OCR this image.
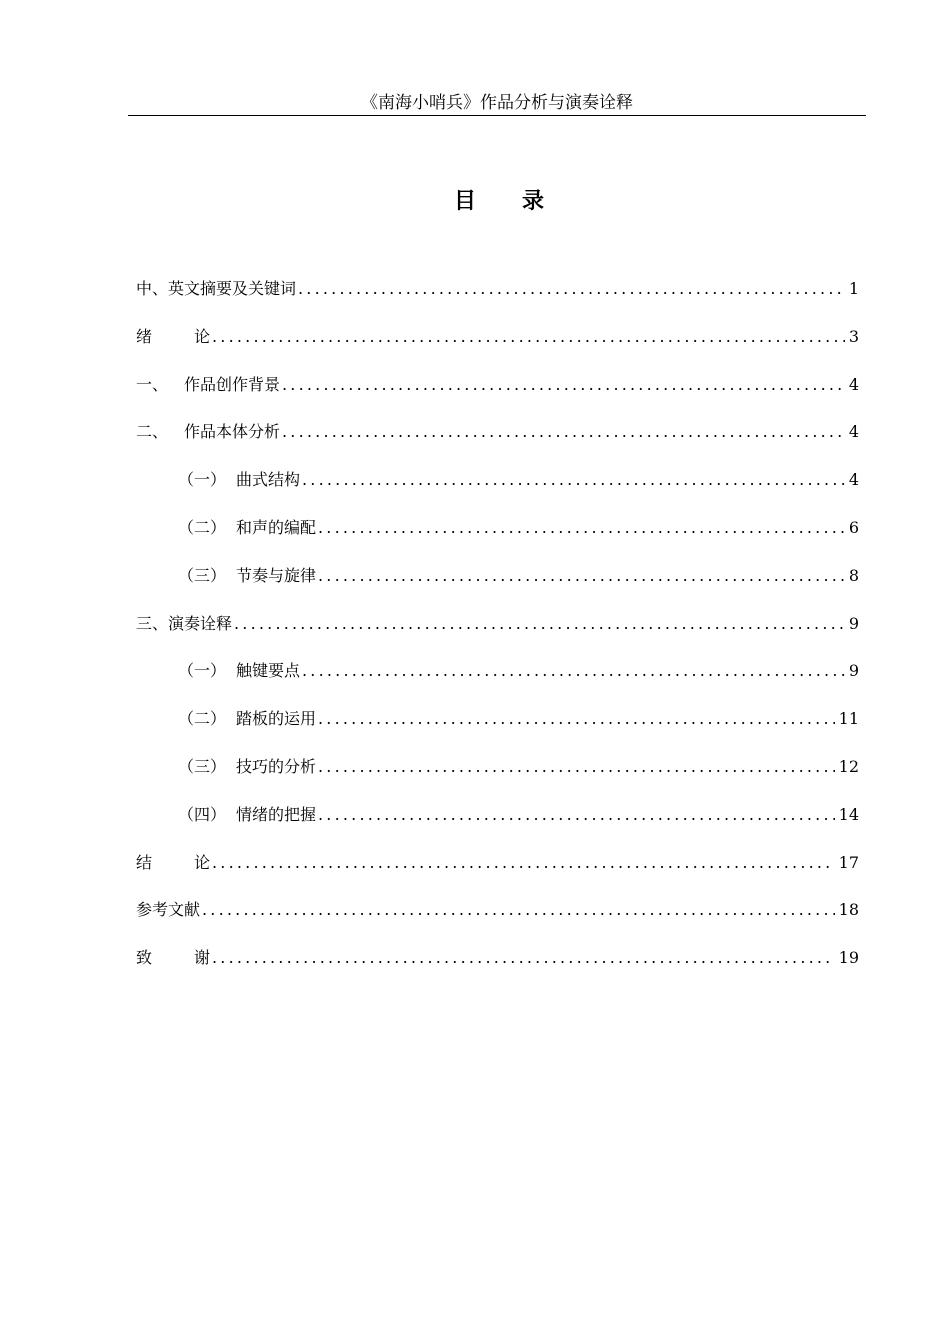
《南海小哨兵》作品分析与演奏诠释
目 录
中、英文摘要及关键词 .....	1
绪	论 .....	3
一、 作品创作背景 .....	4
二、 作品本体分析 .....	4
（一） 曲式结构 .....	4
（二） 和声的编配 .....	6
（三） 节奏与旋律 .....	8
三、演奏诠释 .....	9
（一） 触键要点 .....	9
（二） 踏板的运用 .....	11
（三） 技巧的分析 .....	12
（四） 情绪的把握 .....	14
结	论 .....	17
参考文献 .....	18
致	谢 .....	19
